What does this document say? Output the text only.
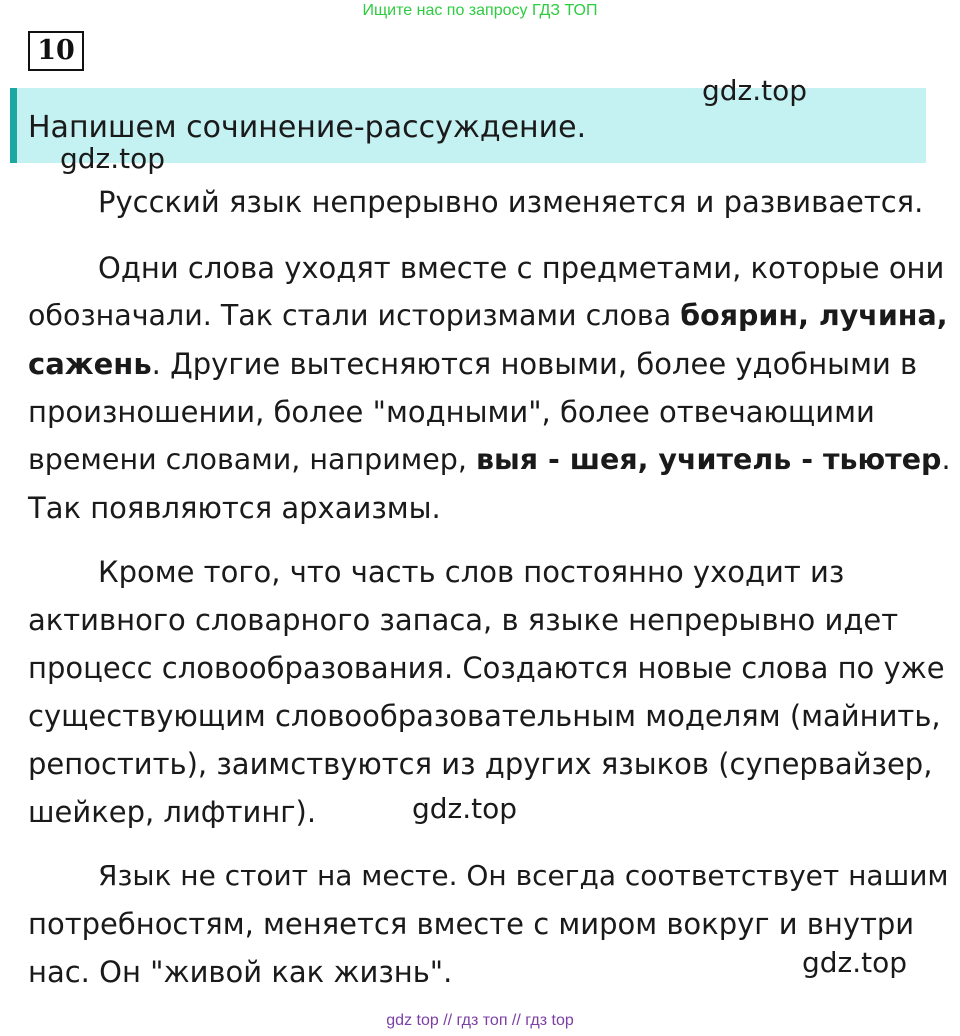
Ищите нас по запросу ГДЗ ТОП
10
Напишем сочинение-рассуждение.
gdz.top
gdz.top
gdz.top
gdz.top
Русский язык непрерывно изменяется и развивается.
Одни слова уходят вместе с предметами, которые они
обозначали. Так стали историзмами слова боярин, лучина,
сажень. Другие вытесняются новыми, более удобными в
произношении, более "модными", более отвечающими
времени словами, например, выя - шея, учитель - тьютер.
Так появляются архаизмы.
Кроме того, что часть слов постоянно уходит из
активного словарного запаса, в языке непрерывно идет
процесс словообразования. Создаются новые слова по уже
существующим словообразовательным моделям (майнить,
репостить), заимствуются из других языков (супервайзер,
шейкер, лифтинг).
Язык не стоит на месте. Он всегда соответствует нашим
потребностям, меняется вместе с миром вокруг и внутри
нас. Он "живой как жизнь".
gdz top // гдз топ // гдз top
